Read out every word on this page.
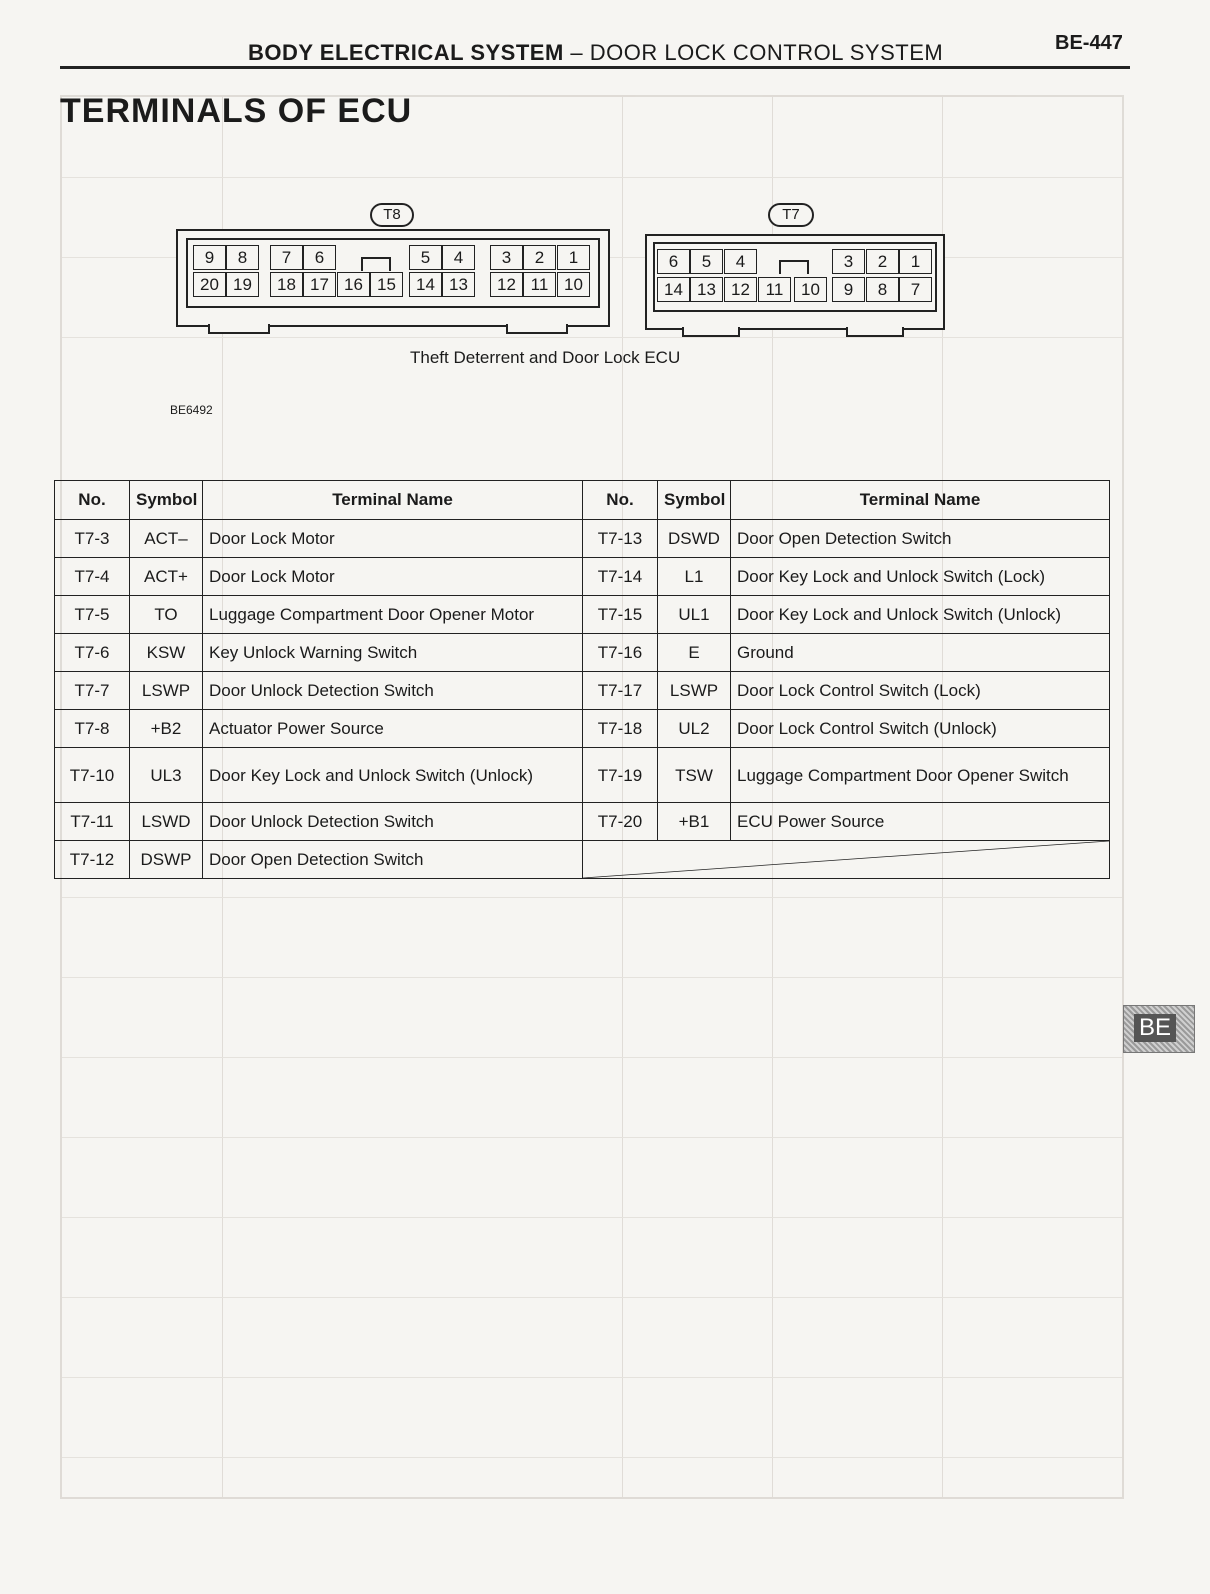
BODY ELECTRICAL SYSTEM – DOOR LOCK CONTROL SYSTEM	BE-447
TERMINALS OF ECU
T8	T7
9	8	7	6	5	4	3	2	1
20 19	18 17 16 15	14 13	12 11 10
6	5	4	3	2	1
14 13 12 11	10	9	8	7
Theft Deterrent and Door Lock ECU
BE6492
No.	Symbol	Terminal Name	No.	Symbol	Terminal Name
T7-3	ACT–	Door Lock Motor	T7-13	DSWD	Door Open Detection Switch
T7-4	ACT+	Door Lock Motor	T7-14	L1	Door Key Lock and Unlock Switch (Lock)
T7-5	TO	Luggage Compartment Door Opener Motor	T7-15	UL1	Door Key Lock and Unlock Switch (Unlock)
T7-6	KSW	Key Unlock Warning Switch	T7-16	E	Ground
T7-7	LSWP	Door Unlock Detection Switch	T7-17	LSWP	Door Lock Control Switch (Lock)
T7-8	+B2	Actuator Power Source	T7-18	UL2	Door Lock Control Switch (Unlock)
T7-10	UL3	Door Key Lock and Unlock Switch (Unlock)	T7-19	TSW	Luggage Compartment Door Opener Switch
T7-11	LSWD	Door Unlock Detection Switch	T7-20	+B1	ECU Power Source
T7-12	DSWP	Door Open Detection Switch	
BE
